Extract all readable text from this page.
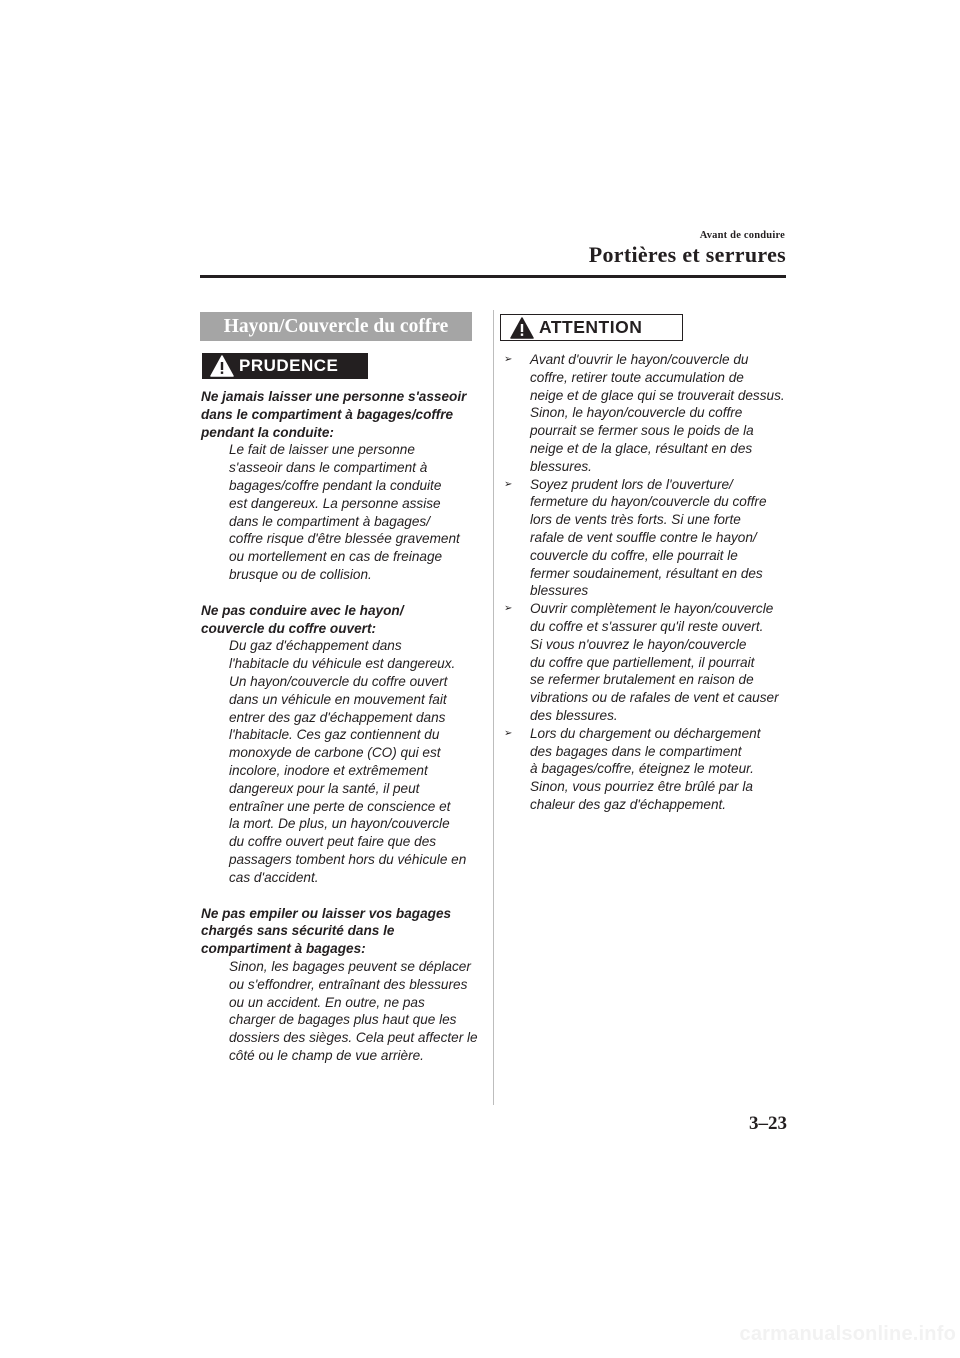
Avant de conduire
Portières et serrures
Hayon/Couvercle du coffre
PRUDENCE
Ne jamais laisser une personne s'asseoir
dans le compartiment à bagages/coffre
pendant la conduite:
Le fait de laisser une personne
s'asseoir dans le compartiment à
bagages/coffre pendant la conduite
est dangereux. La personne assise
dans le compartiment à bagages/
coffre risque d'être blessée gravement
ou mortellement en cas de freinage
brusque ou de collision.
Ne pas conduire avec le hayon/
couvercle du coffre ouvert:
Du gaz d'échappement dans
l'habitacle du véhicule est dangereux.
Un hayon/couvercle du coffre ouvert
dans un véhicule en mouvement fait
entrer des gaz d'échappement dans
l'habitacle. Ces gaz contiennent du
monoxyde de carbone (CO) qui est
incolore, inodore et extrêmement
dangereux pour la santé, il peut
entraîner une perte de conscience et
la mort. De plus, un hayon/couvercle
du coffre ouvert peut faire que des
passagers tombent hors du véhicule en
cas d'accident.
Ne pas empiler ou laisser vos bagages
chargés sans sécurité dans le
compartiment à bagages:
Sinon, les bagages peuvent se déplacer
ou s'effondrer, entraînant des blessures
ou un accident. En outre, ne pas
charger de bagages plus haut que les
dossiers des sièges. Cela peut affecter le
côté ou le champ de vue arrière.
ATTENTION
➢	Avant d'ouvrir le hayon/couvercle du
coffre, retirer toute accumulation de
neige et de glace qui se trouverait dessus.
Sinon, le hayon/couvercle du coffre
pourrait se fermer sous le poids de la
neige et de la glace, résultant en des
blessures.
➢	Soyez prudent lors de l'ouverture/
fermeture du hayon/couvercle du coffre
lors de vents très forts. Si une forte
rafale de vent souffle contre le hayon/
couvercle du coffre, elle pourrait le
fermer soudainement, résultant en des
blessures
➢	Ouvrir complètement le hayon/couvercle
du coffre et s'assurer qu'il reste ouvert.
Si vous n'ouvrez le hayon/couvercle
du coffre que partiellement, il pourrait
se refermer brutalement en raison de
vibrations ou de rafales de vent et causer
des blessures.
➢	Lors du chargement ou déchargement
des bagages dans le compartiment
à bagages/coffre, éteignez le moteur.
Sinon, vous pourriez être brûlé par la
chaleur des gaz d'échappement.
3–23
carmanualsonline.info
